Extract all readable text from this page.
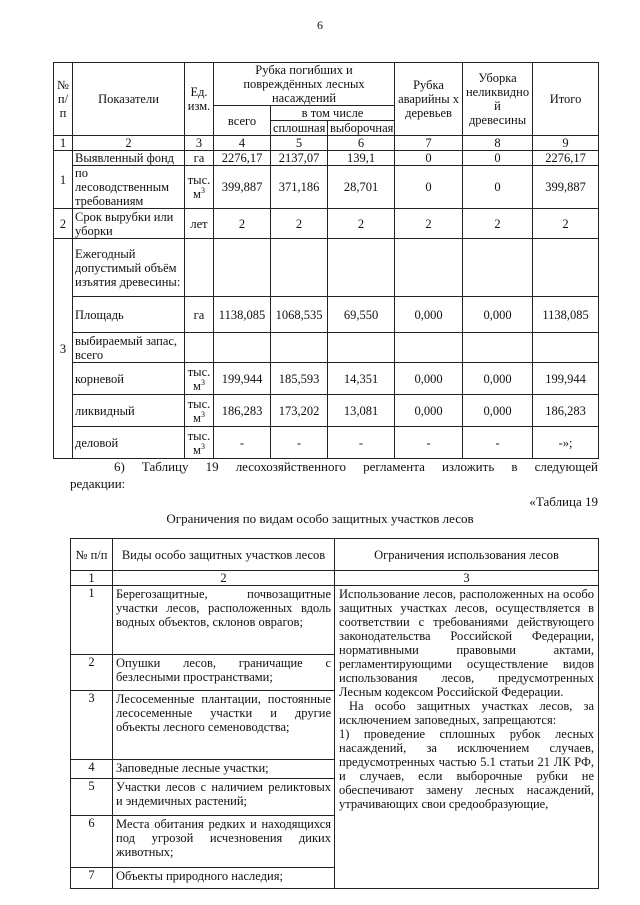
6
№ п/п	Показатели	Ед. изм.	Рубка погибших и повреждённых лесных насаждений			Рубка аварийны х деревьев	Уборка неликвидно й древесины	Итого
			всего	в том числе				
				сплошная	выборочная			
1	2	3	4	5	6	7	8	9
1	Выявленный фонд	га	2276,17	2137,07	139,1	0	0	2276,17
	по лесоводственным требованиям	тыс. $м^3$	399,887	371,186	28,701	0	0	399,887
2	Срок вырубки или уборки	лет	2	2	2	2	2	2
3	Ежегодный допустимый объём изъятия древесины:							
	Площадь	га	1138,085	1068,535	69,550	0,000	0,000	1138,085
	выбираемый запас, всего							
	корневой	тыс. $м^3$	199,944	185,593	14,351	0,000	0,000	199,944
	ликвидный	тыс. $м^3$	186,283	173,202	13,081	0,000	0,000	186,283
	деловой	тыс. $м^3$	-	-	-	-	-	-»;
6) Таблицу 19 лесохозяйственного регламента изложить в следующей
редакции:
«Таблица 19
Ограничения по видам особо защитных участков лесов
№ п/п	Виды особо защитных участков лесов	Ограничения использования лесов
1	2	3
1	Берегозащитные, почвозащитные участки лесов, расположенных вдоль водных объектов, склонов оврагов;	Использование лесов, расположенных на особо защитных участках лесов, осуществляется в соответствии с требованиями действующего законодательства Российской Федерации, нормативными правовыми актами, регламентирующими осуществление видов использования лесов, предусмотренных Лесным кодексом Российской Федерации.

На особо защитных участках лесов, за исключением заповедных, запрещаются:

1) проведение сплошных рубок лесных насаждений, за исключением случаев, предусмотренных частью 5.1 статьи 21 ЛК РФ, и случаев, если выборочные рубки не обеспечивают замену лесных насаждений, утрачивающих свои средообразующие,

2	Опушки лесов, граничащие с безлесными пространствами;	
3	Лесосеменные плантации, постоянные лесосеменные участки и другие объекты лесного семеноводства;	
4	Заповедные лесные участки;	
5	Участки лесов с наличием реликтовых и эндемичных растений;	
6	Места обитания редких и находящихся под угрозой исчезновения диких животных;	
7	Объекты природного наследия;	
